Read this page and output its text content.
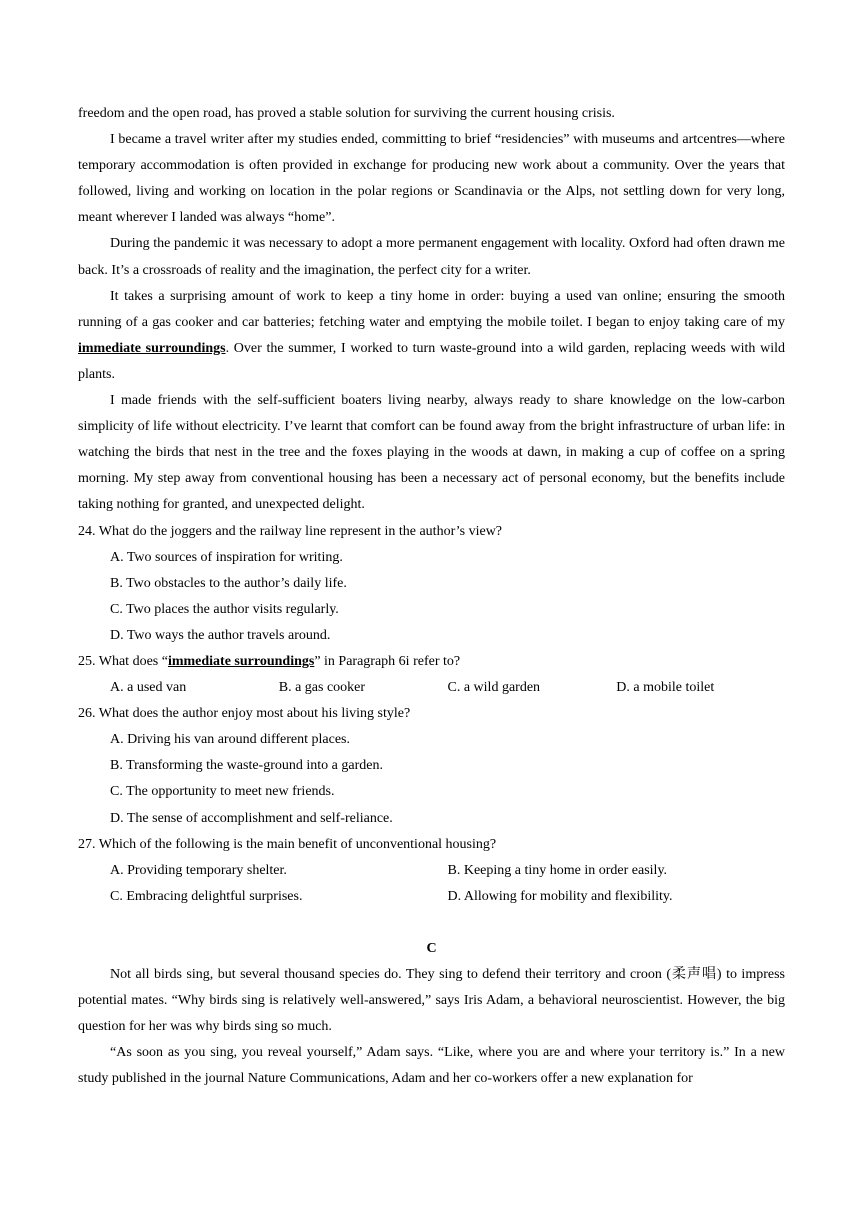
freedom and the open road, has proved a stable solution for surviving the current housing crisis.

I became a travel writer after my studies ended, committing to brief “residencies” with museums and artcentres—where temporary accommodation is often provided in exchange for producing new work about a community. Over the years that followed, living and working on location in the polar regions or Scandinavia or the Alps, not settling down for very long, meant wherever I landed was always “home”.

During the pandemic it was necessary to adopt a more permanent engagement with locality. Oxford had often drawn me back. It’s a crossroads of reality and the imagination, the perfect city for a writer.

It takes a surprising amount of work to keep a tiny home in order: buying a used van online; ensuring the smooth running of a gas cooker and car batteries; fetching water and emptying the mobile toilet. I began to enjoy taking care of my immediate surroundings. Over the summer, I worked to turn waste-ground into a wild garden, replacing weeds with wild plants.

I made friends with the self-sufficient boaters living nearby, always ready to share knowledge on the low-carbon simplicity of life without electricity. I’ve learnt that comfort can be found away from the bright infrastructure of urban life: in watching the birds that nest in the tree and the foxes playing in the woods at dawn, in making a cup of coffee on a spring morning. My step away from conventional housing has been a necessary act of personal economy, but the benefits include taking nothing for granted, and unexpected delight.

24. What do the joggers and the railway line represent in the author’s view?

A. Two sources of inspiration for writing.

B. Two obstacles to the author’s daily life.

C. Two places the author visits regularly.

D. Two ways the author travels around.

25. What does “immediate surroundings” in Paragraph 6i refer to?

A. a used van	B. a gas cooker	C. a wild garden	D. a mobile toilet

26. What does the author enjoy most about his living style?

A. Driving his van around different places.

B. Transforming the waste-ground into a garden.

C. The opportunity to meet new friends.

D. The sense of accomplishment and self-reliance.

27. Which of the following is the main benefit of unconventional housing?

A. Providing temporary shelter.	B. Keeping a tiny home in order easily.
C. Embracing delightful surprises.	D. Allowing for mobility and flexibility.

C

Not all birds sing, but several thousand species do. They sing to defend their territory and croon (柔声唱) to impress potential mates. “Why birds sing is relatively well-answered,” says Iris Adam, a behavioral neuroscientist. However, the big question for her was why birds sing so much.

“As soon as you sing, you reveal yourself,” Adam says. “Like, where you are and where your territory is.” In a new study published in the journal Nature Communications, Adam and her co-workers offer a new explanation for
